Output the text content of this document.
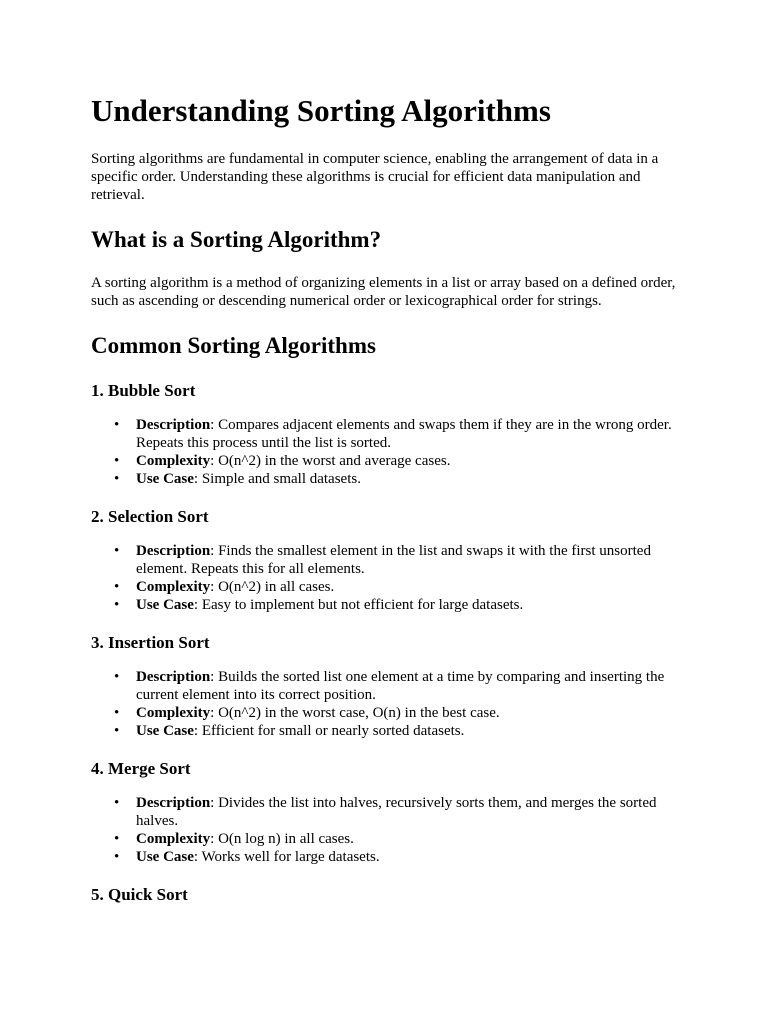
Understanding Sorting Algorithms

Sorting algorithms are fundamental in computer science, enabling the arrangement of data in a specific order. Understanding these algorithms is crucial for efficient data manipulation and retrieval.

What is a Sorting Algorithm?

A sorting algorithm is a method of organizing elements in a list or array based on a defined order, such as ascending or descending numerical order or lexicographical order for strings.

Common Sorting Algorithms
1. Bubble Sort
• Description: Compares adjacent elements and swaps them if they are in the wrong order. Repeats this process until the list is sorted.
• Complexity: O(n^2) in the worst and average cases.
• Use Case: Simple and small datasets.
2. Selection Sort
• Description: Finds the smallest element in the list and swaps it with the first unsorted element. Repeats this for all elements.
• Complexity: O(n^2) in all cases.
• Use Case: Easy to implement but not efficient for large datasets.
3. Insertion Sort
• Description: Builds the sorted list one element at a time by comparing and inserting the current element into its correct position.
• Complexity: O(n^2) in the worst case, O(n) in the best case.
• Use Case: Efficient for small or nearly sorted datasets.
4. Merge Sort
• Description: Divides the list into halves, recursively sorts them, and merges the sorted halves.
• Complexity: O(n log n) in all cases.
• Use Case: Works well for large datasets.
5. Quick Sort
